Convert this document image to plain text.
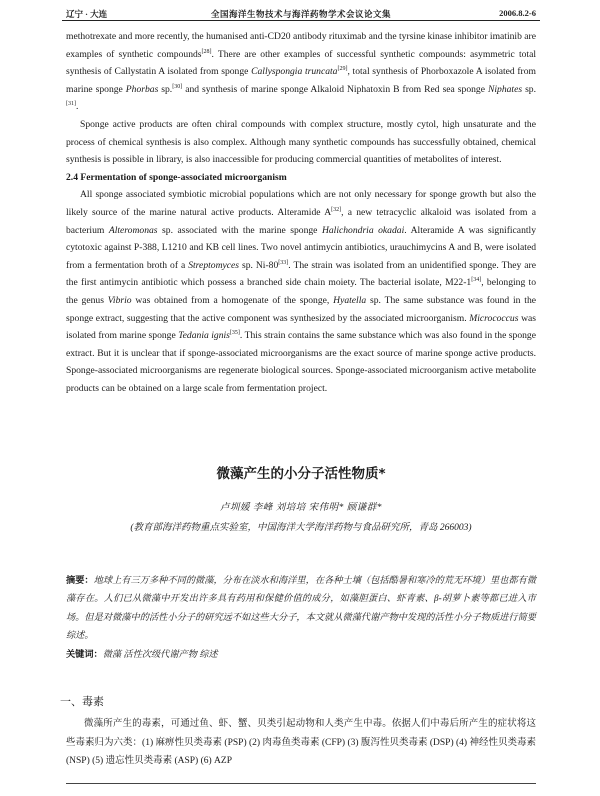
辽宁 · 大连	全国海洋生物技术与海洋药物学术会议论文集	2006.8.2-6

methotrexate and more recently, the humanised anti-CD20 antibody rituximab and the tyrsine kinase inhibitor imatinib are examples of synthetic compounds[28]. There are other examples of successful synthetic compounds: asymmetric total synthesis of Callystatin A isolated from sponge Callyspongia truncata[29], total synthesis of Phorboxazole A isolated from marine sponge Phorbas sp.[30] and synthesis of marine sponge Alkaloid Niphatoxin B from Red sea sponge Niphates sp.[31].

Sponge active products are often chiral compounds with complex structure, mostly cytol, high unsaturate and the process of chemical synthesis is also complex. Although many synthetic compounds has successfully obtained, chemical synthesis is possible in library, is also inaccessible for producing commercial quantities of metabolites of interest.

2.4 Fermentation of sponge-associated microorganism

All sponge associated symbiotic microbial populations which are not only necessary for sponge growth but also the likely source of the marine natural active products. Alteramide A[32], a new tetracyclic alkaloid was isolated from a bacterium Alteromonas sp. associated with the marine sponge Halichondria okadai. Alteramide A was significantly cytotoxic against P-388, L1210 and KB cell lines. Two novel antimycin antibiotics, urauchimycins A and B, were isolated from a fermentation broth of a Streptomyces sp. Ni-80[33]. The strain was isolated from an unidentified sponge. They are the first antimycin antibiotic which possess a branched side chain moiety. The bacterial isolate, M22-1[34], belonging to the genus Vibrio was obtained from a homogenate of the sponge, Hyatella sp. The same substance was found in the sponge extract, suggesting that the active component was synthesized by the associated microorganism. Micrococcus was isolated from marine sponge Tedania ignis[35]. This strain contains the same substance which was also found in the sponge extract. But it is unclear that if sponge-associated microorganisms are the exact source of marine sponge active products. Sponge-associated microorganisms are regenerate biological sources. Sponge-associated microorganism active metabolite products can be obtained on a large scale from fermentation project.

微藻产生的小分子活性物质*
卢圳媛 李峰 刘培培 宋伟明* 顾谦群*
(教育部海洋药物重点实验室，中国海洋大学海洋药物与食品研究所，青岛 266003)
摘要：地球上有三万多种不同的微藻，分布在淡水和海洋里，在各种土壤（包括酷暑和寒冷的荒无环境）里也都有微藻存在。人们已从微藻中开发出许多具有药用和保健价值的成分，如藻胆蛋白、虾青素、β-胡萝卜素等都已进入市场。但是对微藻中的活性小分子的研究远不如这些大分子，本文就从微藻代谢产物中发现的活性小分子物质进行简要综述。
关键词：微藻 活性次级代谢产物 综述
一、毒素
微藻所产生的毒素，可通过鱼、虾、蟹、贝类引起动物和人类产生中毒。依据人们中毒后所产生的症状将这些毒素归为六类：(1) 麻痹性贝类毒素 (PSP) (2) 肉毒鱼类毒素 (CFP) (3) 腹泻性贝类毒素 (DSP) (4) 神经性贝类毒素 (NSP) (5) 遗忘性贝类毒素 (ASP) (6) AZP
